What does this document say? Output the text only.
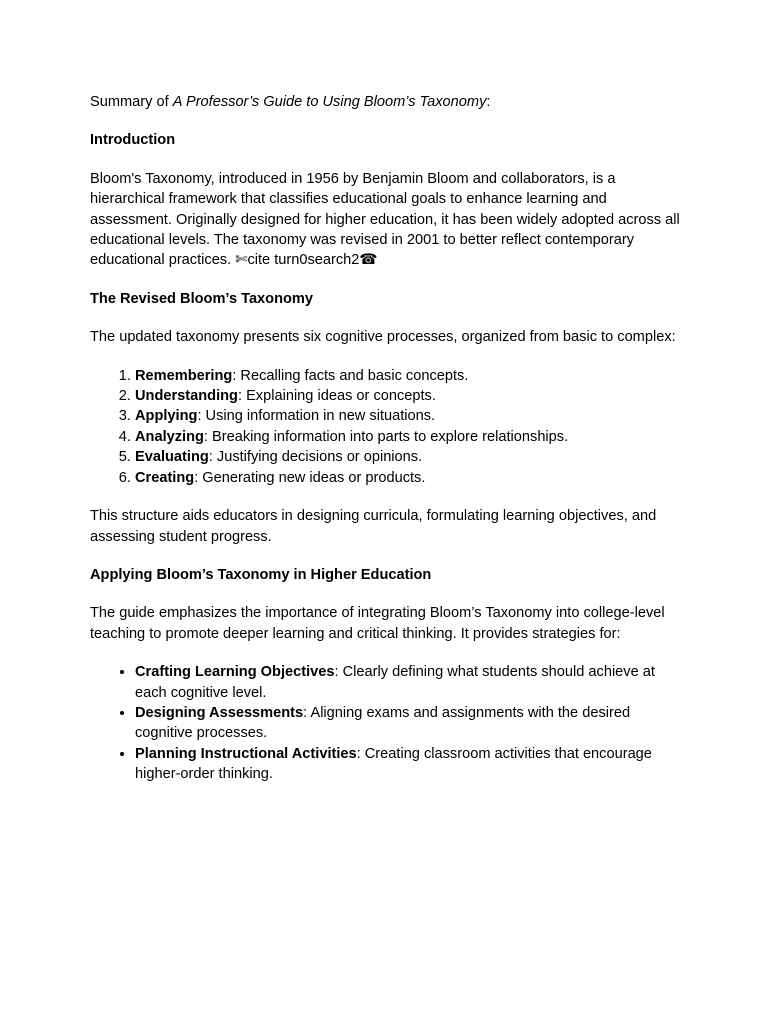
Summary of A Professor’s Guide to Using Bloom’s Taxonomy:

Introduction

Bloom's Taxonomy, introduced in 1956 by Benjamin Bloom and collaborators, is a hierarchical framework that classifies educational goals to enhance learning and assessment. Originally designed for higher education, it has been widely adopted across all educational levels. The taxonomy was revised in 2001 to better reflect contemporary educational practices. ✄cite turn0search2☎

The Revised Bloom’s Taxonomy

The updated taxonomy presents six cognitive processes, organized from basic to complex:

1. Remembering: Recalling facts and basic concepts.
2. Understanding: Explaining ideas or concepts.
3. Applying: Using information in new situations.
4. Analyzing: Breaking information into parts to explore relationships.
5. Evaluating: Justifying decisions or opinions.
6. Creating: Generating new ideas or products.

This structure aids educators in designing curricula, formulating learning objectives, and assessing student progress.

Applying Bloom’s Taxonomy in Higher Education

The guide emphasizes the importance of integrating Bloom’s Taxonomy into college-level teaching to promote deeper learning and critical thinking. It provides strategies for:

• Crafting Learning Objectives: Clearly defining what students should achieve at each cognitive level.
• Designing Assessments: Aligning exams and assignments with the desired cognitive processes.
• Planning Instructional Activities: Creating classroom activities that encourage higher-order thinking.
